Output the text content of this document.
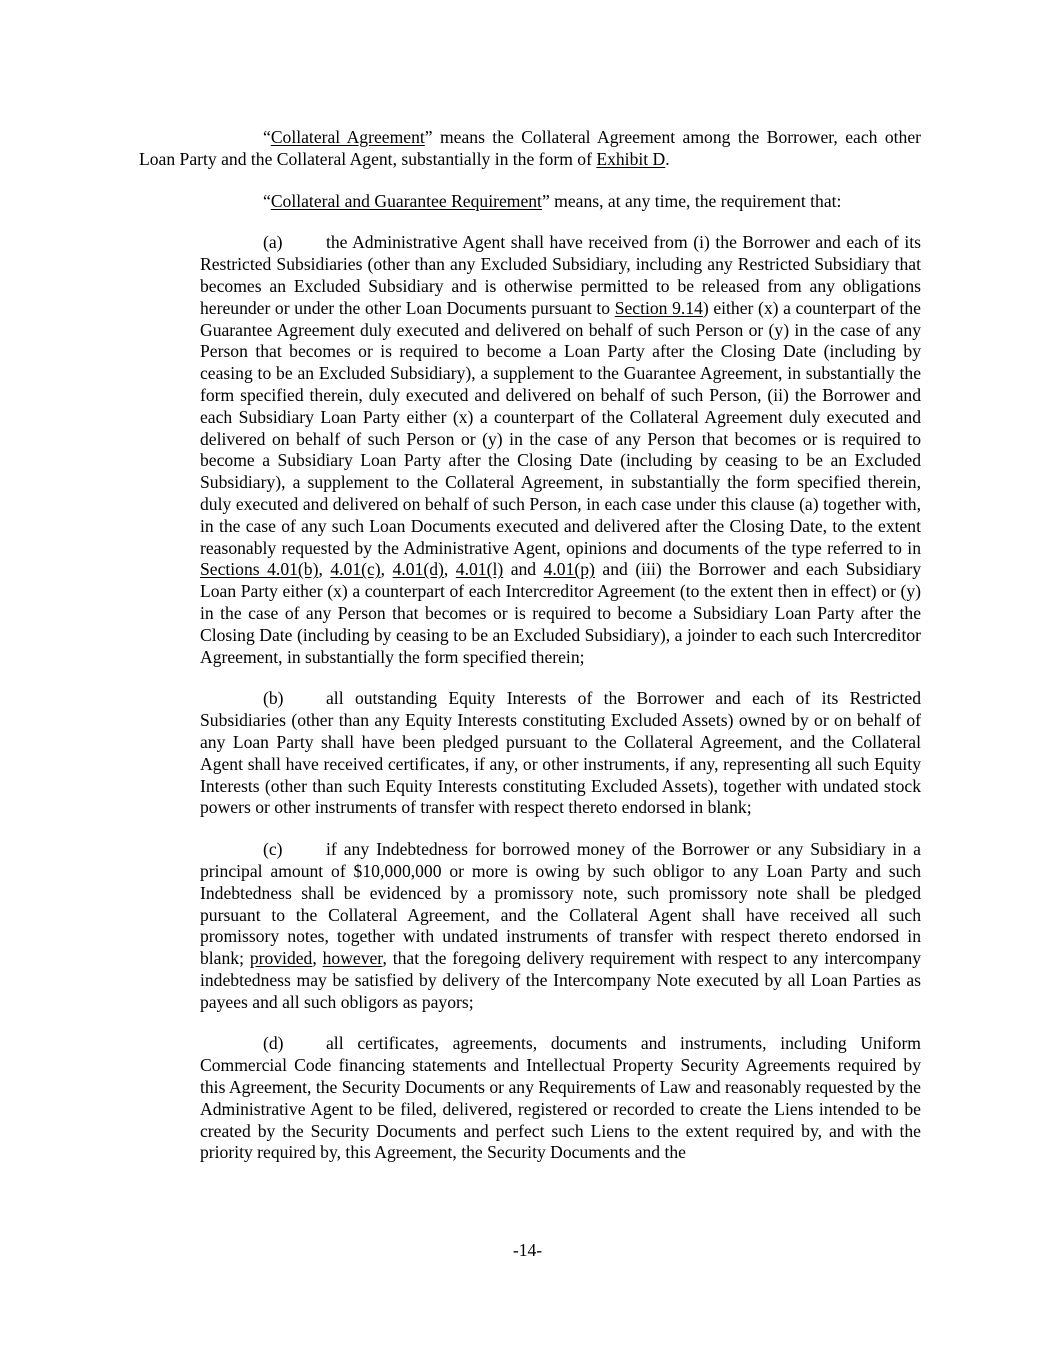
“Collateral Agreement” means the Collateral Agreement among the Borrower, each other Loan Party and the Collateral Agent, substantially in the form of Exhibit D.

“Collateral and Guarantee Requirement” means, at any time, the requirement that:

(a) the Administrative Agent shall have received from (i) the Borrower and each of its Restricted Subsidiaries (other than any Excluded Subsidiary, including any Restricted Subsidiary that becomes an Excluded Subsidiary and is otherwise permitted to be released from any obligations hereunder or under the other Loan Documents pursuant to Section 9.14) either (x) a counterpart of the Guarantee Agreement duly executed and delivered on behalf of such Person or (y) in the case of any Person that becomes or is required to become a Loan Party after the Closing Date (including by ceasing to be an Excluded Subsidiary), a supplement to the Guarantee Agreement, in substantially the form specified therein, duly executed and delivered on behalf of such Person, (ii) the Borrower and each Subsidiary Loan Party either (x) a counterpart of the Collateral Agreement duly executed and delivered on behalf of such Person or (y) in the case of any Person that becomes or is required to become a Subsidiary Loan Party after the Closing Date (including by ceasing to be an Excluded Subsidiary), a supplement to the Collateral Agreement, in substantially the form specified therein, duly executed and delivered on behalf of such Person, in each case under this clause (a) together with, in the case of any such Loan Documents executed and delivered after the Closing Date, to the extent reasonably requested by the Administrative Agent, opinions and documents of the type referred to in Sections 4.01(b), 4.01(c), 4.01(d), 4.01(l) and 4.01(p) and (iii) the Borrower and each Subsidiary Loan Party either (x) a counterpart of each Intercreditor Agreement (to the extent then in effect) or (y) in the case of any Person that becomes or is required to become a Subsidiary Loan Party after the Closing Date (including by ceasing to be an Excluded Subsidiary), a joinder to each such Intercreditor Agreement, in substantially the form specified therein;

(b) all outstanding Equity Interests of the Borrower and each of its Restricted Subsidiaries (other than any Equity Interests constituting Excluded Assets) owned by or on behalf of any Loan Party shall have been pledged pursuant to the Collateral Agreement, and the Collateral Agent shall have received certificates, if any, or other instruments, if any, representing all such Equity Interests (other than such Equity Interests constituting Excluded Assets), together with undated stock powers or other instruments of transfer with respect thereto endorsed in blank;

(c) if any Indebtedness for borrowed money of the Borrower or any Subsidiary in a principal amount of $10,000,000 or more is owing by such obligor to any Loan Party and such Indebtedness shall be evidenced by a promissory note, such promissory note shall be pledged pursuant to the Collateral Agreement, and the Collateral Agent shall have received all such promissory notes, together with undated instruments of transfer with respect thereto endorsed in blank; provided, however, that the foregoing delivery requirement with respect to any intercompany indebtedness may be satisfied by delivery of the Intercompany Note executed by all Loan Parties as payees and all such obligors as payors;

(d) all certificates, agreements, documents and instruments, including Uniform Commercial Code financing statements and Intellectual Property Security Agreements required by this Agreement, the Security Documents or any Requirements of Law and reasonably requested by the Administrative Agent to be filed, delivered, registered or recorded to create the Liens intended to be created by the Security Documents and perfect such Liens to the extent required by, and with the priority required by, this Agreement, the Security Documents and the

-14-
